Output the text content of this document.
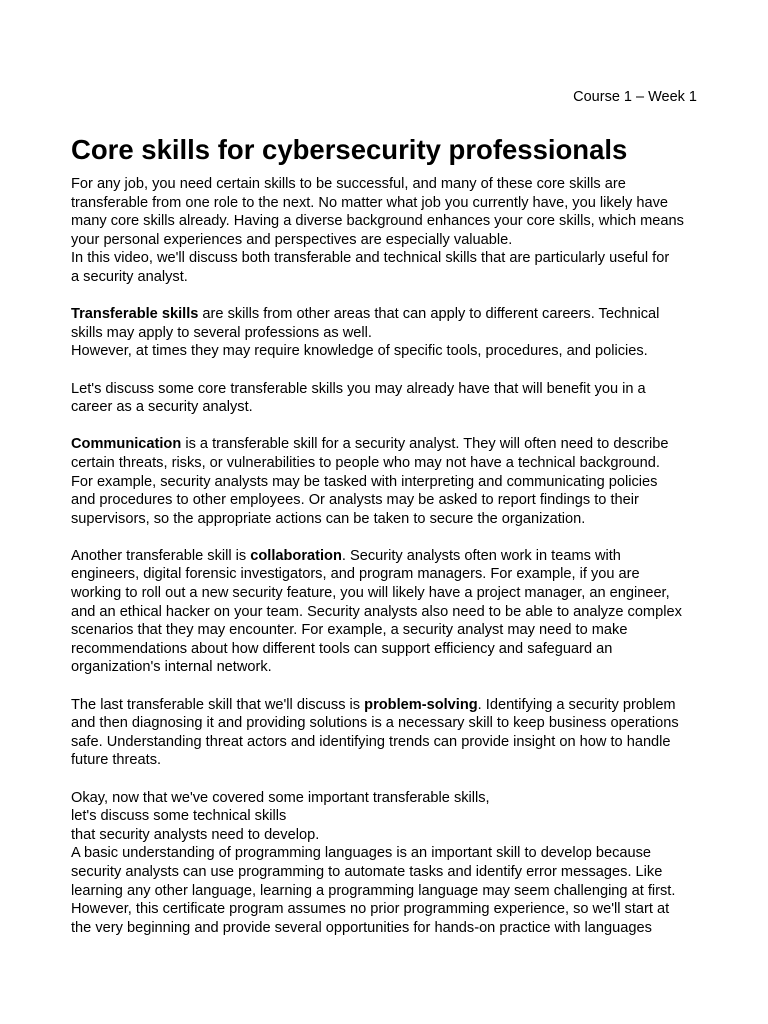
Course 1 – Week 1
Core skills for cybersecurity professionals

For any job, you need certain skills to be successful, and many of these core skills are
transferable from one role to the next. No matter what job you currently have, you likely have
many core skills already. Having a diverse background enhances your core skills, which means
your personal experiences and perspectives are especially valuable.
In this video, we'll discuss both transferable and technical skills that are particularly useful for
a security analyst.

Transferable skills are skills from other areas that can apply to different careers. Technical
skills may apply to several professions as well.
However, at times they may require knowledge of specific tools, procedures, and policies.

Let's discuss some core transferable skills you may already have that will benefit you in a
career as a security analyst.

Communication is a transferable skill for a security analyst. They will often need to describe
certain threats, risks, or vulnerabilities to people who may not have a technical background.
For example, security analysts may be tasked with interpreting and communicating policies
and procedures to other employees. Or analysts may be asked to report findings to their
supervisors, so the appropriate actions can be taken to secure the organization.

Another transferable skill is collaboration. Security analysts often work in teams with
engineers, digital forensic investigators, and program managers. For example, if you are
working to roll out a new security feature, you will likely have a project manager, an engineer,
and an ethical hacker on your team. Security analysts also need to be able to analyze complex
scenarios that they may encounter. For example, a security analyst may need to make
recommendations about how different tools can support efficiency and safeguard an
organization's internal network.

The last transferable skill that we'll discuss is problem-solving. Identifying a security problem
and then diagnosing it and providing solutions is a necessary skill to keep business operations
safe. Understanding threat actors and identifying trends can provide insight on how to handle
future threats.

Okay, now that we've covered some important transferable skills,
let's discuss some technical skills
that security analysts need to develop.
A basic understanding of programming languages is an important skill to develop because
security analysts can use programming to automate tasks and identify error messages. Like
learning any other language, learning a programming language may seem challenging at first.
However, this certificate program assumes no prior programming experience, so we'll start at
the very beginning and provide several opportunities for hands-on practice with languages
